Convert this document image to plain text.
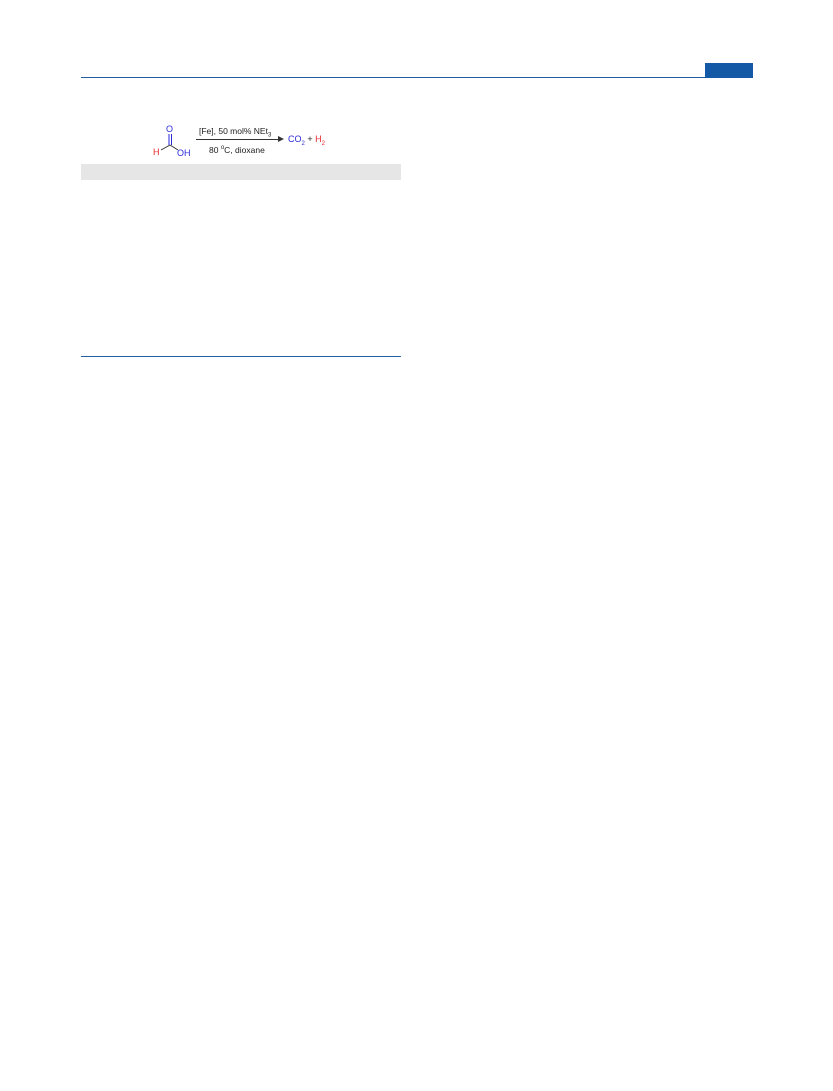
O
H OH
[Fe], 50 mol% NEt$_3$
80 $^o$C, dioxane
$CO_2 + H_2$
